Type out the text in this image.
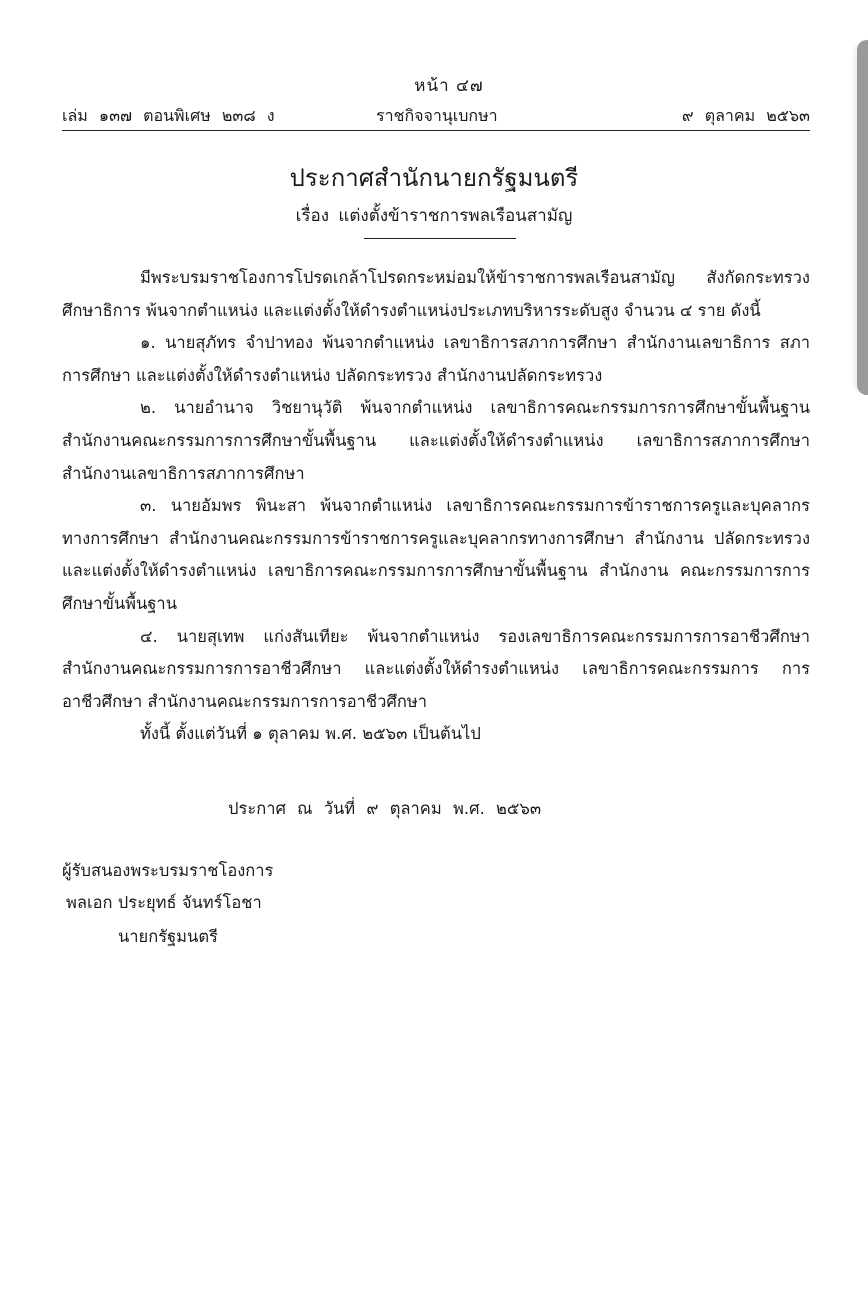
หน้า ๔๗
เล่ม ๑๓๗ ตอนพิเศษ ๒๓๘ ง	ราชกิจจานุเบกษา	๙ ตุลาคม ๒๕๖๓
ประกาศสำนักนายกรัฐมนตรี
เรื่อง แต่งตั้งข้าราชการพลเรือนสามัญ

มีพระบรมราชโองการโปรดเกล้าโปรดกระหม่อมให้ข้าราชการพลเรือนสามัญ สังกัดกระทรวงศึกษาธิการ พ้นจากตำแหน่ง และแต่งตั้งให้ดำรงตำแหน่งประเภทบริหารระดับสูง จำนวน ๔ ราย ดังนี้

๑. นายสุภัทร จำปาทอง พ้นจากตำแหน่ง เลขาธิการสภาการศึกษา สำนักงานเลขาธิการ สภาการศึกษา และแต่งตั้งให้ดำรงตำแหน่ง ปลัดกระทรวง สำนักงานปลัดกระทรวง

๒. นายอำนาจ วิชยานุวัติ พ้นจากตำแหน่ง เลขาธิการคณะกรรมการการศึกษาขั้นพื้นฐาน สำนักงานคณะกรรมการการศึกษาขั้นพื้นฐาน และแต่งตั้งให้ดำรงตำแหน่ง เลขาธิการสภาการศึกษา สำนักงานเลขาธิการสภาการศึกษา

๓. นายอัมพร พินะสา พ้นจากตำแหน่ง เลขาธิการคณะกรรมการข้าราชการครูและบุคลากร ทางการศึกษา สำนักงานคณะกรรมการข้าราชการครูและบุคลากรทางการศึกษา สำนักงาน ปลัดกระทรวง และแต่งตั้งให้ดำรงตำแหน่ง เลขาธิการคณะกรรมการการศึกษาขั้นพื้นฐาน สำนักงาน คณะกรรมการการศึกษาขั้นพื้นฐาน

๔. นายสุเทพ แก่งสันเทียะ พ้นจากตำแหน่ง รองเลขาธิการคณะกรรมการการอาชีวศึกษา สำนักงานคณะกรรมการการอาชีวศึกษา และแต่งตั้งให้ดำรงตำแหน่ง เลขาธิการคณะกรรมการ การอาชีวศึกษา สำนักงานคณะกรรมการการอาชีวศึกษา

ทั้งนี้ ตั้งแต่วันที่ ๑ ตุลาคม พ.ศ. ๒๕๖๓ เป็นต้นไป

ประกาศ ณ วันที่ ๙ ตุลาคม พ.ศ. ๒๕๖๓
ผู้รับสนองพระบรมราชโองการ
พลเอก ประยุทธ์ จันทร์โอชา
นายกรัฐมนตรี
